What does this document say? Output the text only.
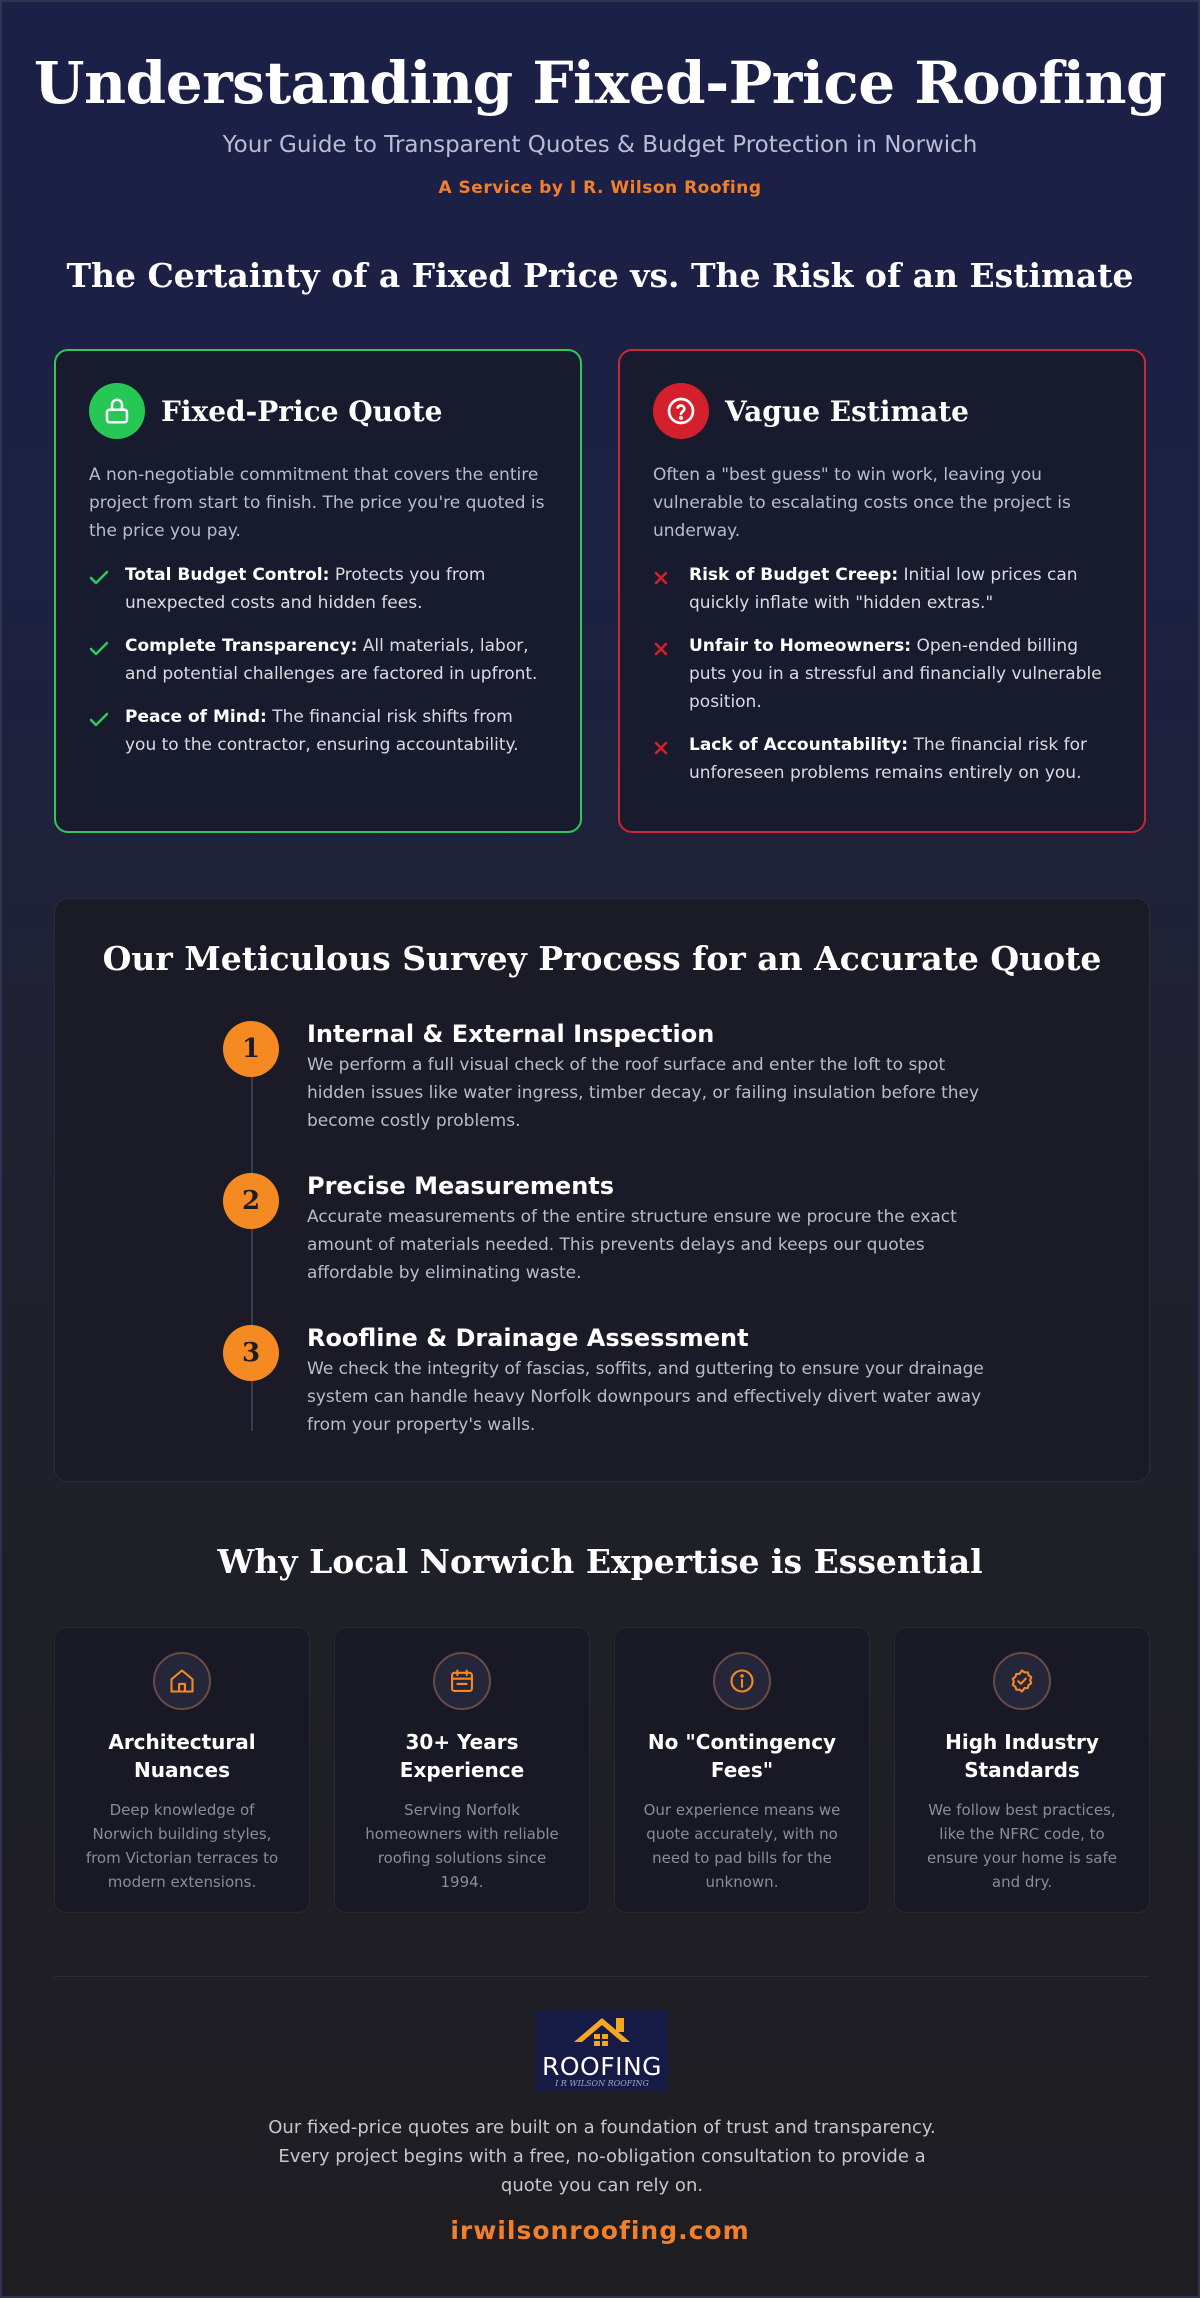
Understanding Fixed-Price Roofing
Your Guide to Transparent Quotes & Budget Protection in Norwich
A Service by I R. Wilson Roofing
The Certainty of a Fixed Price vs. The Risk of an Estimate
Fixed-Price Quote

A non-negotiable commitment that covers the entire project from start to finish. The price you're quoted is the price you pay.

Total Budget Control: Protects you from unexpected costs and hidden fees.
Complete Transparency: All materials, labor, and potential challenges are factored in upfront.
Peace of Mind: The financial risk shifts from you to the contractor, ensuring accountability.
Vague Estimate

Often a "best guess" to win work, leaving you vulnerable to escalating costs once the project is underway.

Risk of Budget Creep: Initial low prices can quickly inflate with "hidden extras."
Unfair to Homeowners: Open-ended billing puts you in a stressful and financially vulnerable position.
Lack of Accountability: The financial risk for unforeseen problems remains entirely on you.
Our Meticulous Survey Process for an Accurate Quote
1	Internal & External Inspection
We perform a full visual check of the roof surface and enter the loft to spot hidden issues like water ingress, timber decay, or failing insulation before they become costly problems.
2	Precise Measurements
Accurate measurements of the entire structure ensure we procure the exact amount of materials needed. This prevents delays and keeps our quotes affordable by eliminating waste.
3	Roofline & Drainage Assessment
We check the integrity of fascias, soffits, and guttering to ensure your drainage system can handle heavy Norfolk downpours and effectively divert water away from your property's walls.
Why Local Norwich Expertise is Essential
Architectural Nuances
Deep knowledge of Norwich building styles, from Victorian terraces to modern extensions.
30+ Years Experience
Serving Norfolk homeowners with reliable roofing solutions since 1994.
No "Contingency Fees"
Our experience means we quote accurately, with no need to pad bills for the unknown.
High Industry Standards
We follow best practices, like the NFRC code, to ensure your home is safe and dry.
ROOFING
I R WILSON ROOFING

Our fixed-price quotes are built on a foundation of trust and transparency. Every project begins with a free, no-obligation consultation to provide a quote you can rely on.

irwilsonroofing.com
